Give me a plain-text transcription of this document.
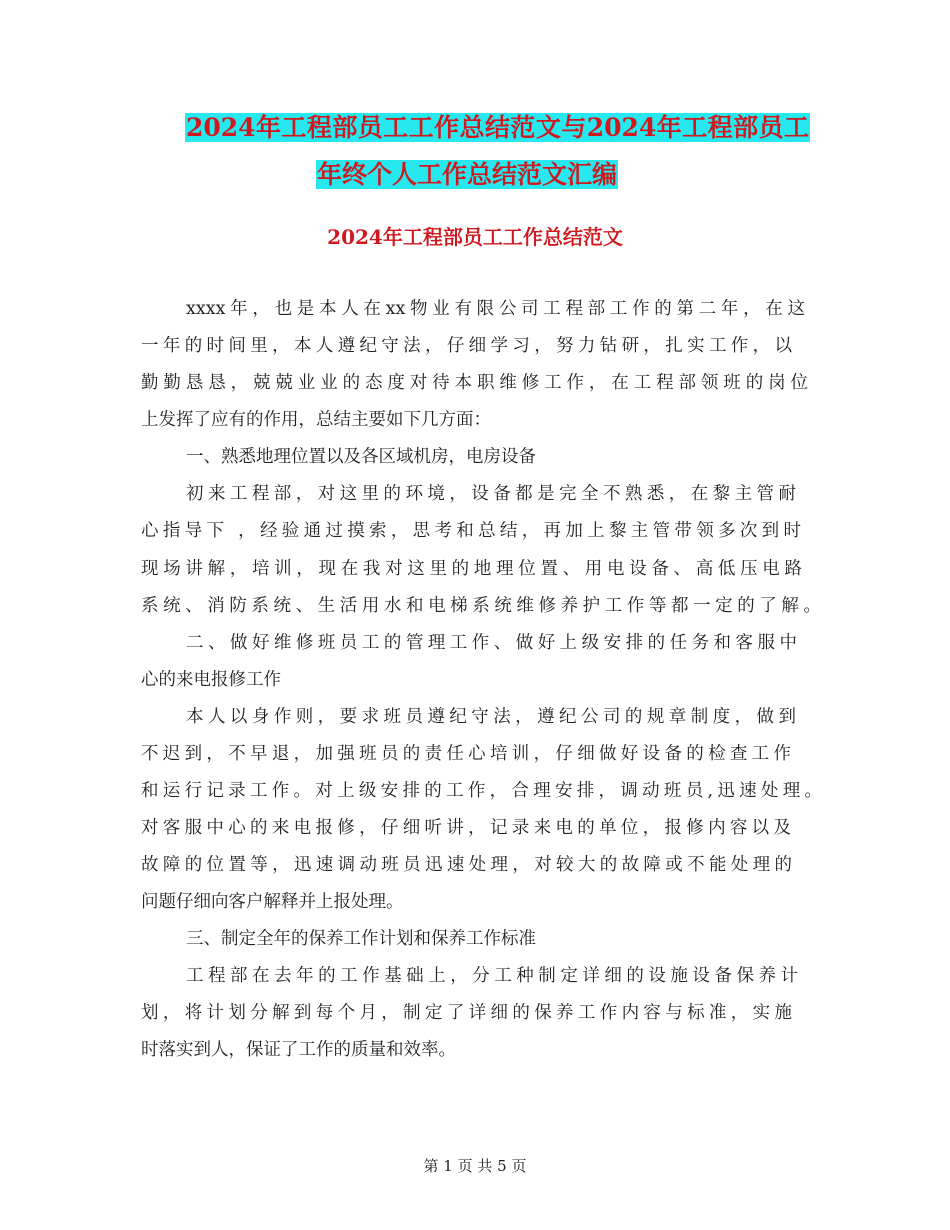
2024年工程部员工工作总结范文与2024年工程部员工
年终个人工作总结范文汇编
2024年工程部员工工作总结范文
xxxx年，也是本人在xx物业有限公司工程部工作的第二年，在这
一年的时间里，本人遵纪守法，仔细学习，努力钻研，扎实工作，以
勤勤恳恳，兢兢业业的态度对待本职维修工作，在工程部领班的岗位
上发挥了应有的作用，总结主要如下几方面：
一、熟悉地理位置以及各区域机房，电房设备
初来工程部，对这里的环境，设备都是完全不熟悉，在黎主管耐
心指导下 ，经验通过摸索，思考和总结，再加上黎主管带领多次到时
现场讲解，培训，现在我对这里的地理位置、用电设备、高低压电路
系统、消防系统、生活用水和电梯系统维修养护工作等都一定的了解。
二、做好维修班员工的管理工作、做好上级安排的任务和客服中
心的来电报修工作
本人以身作则，要求班员遵纪守法，遵纪公司的规章制度，做到
不迟到，不早退，加强班员的责任心培训，仔细做好设备的检查工作
和运行记录工作。对上级安排的工作，合理安排，调动班员,迅速处理。
对客服中心的来电报修，仔细听讲，记录来电的单位，报修内容以及
故障的位置等，迅速调动班员迅速处理，对较大的故障或不能处理的
问题仔细向客户解释并上报处理。
三、制定全年的保养工作计划和保养工作标准
工程部在去年的工作基础上，分工种制定详细的设施设备保养计
划，将计划分解到每个月，制定了详细的保养工作内容与标准，实施
时落实到人，保证了工作的质量和效率。
第 1 页 共 5 页
